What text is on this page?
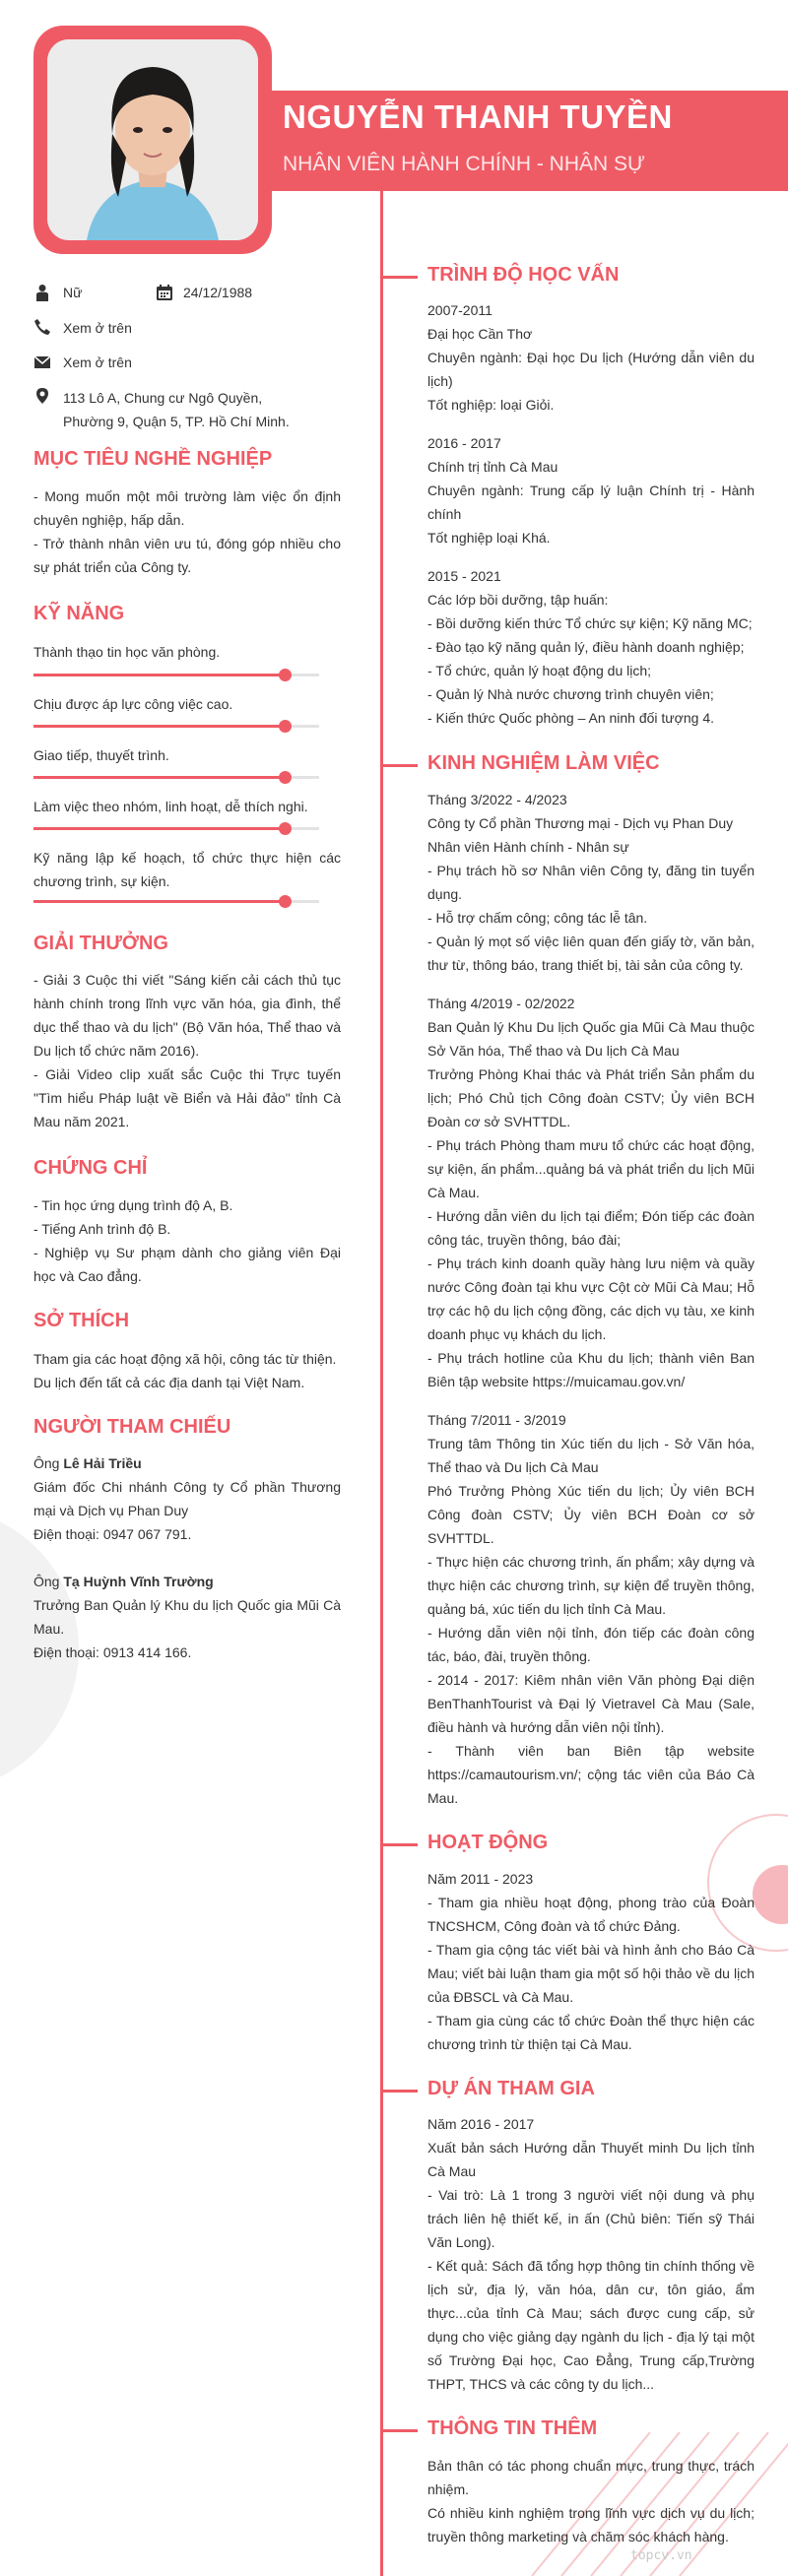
NGUYỄN THANH TUYỀN
NHÂN VIÊN HÀNH CHÍNH - NHÂN SỰ
Nữ	24/12/1988
Xem ở trên
Xem ở trên
113 Lô A, Chung cư Ngô Quyền,
Phường 9, Quận 5, TP. Hồ Chí Minh.
MỤC TIÊU NGHỀ NGHIỆP

- Mong muốn một môi trường làm việc ổn định chuyên nghiệp, hấp dẫn.

- Trở thành nhân viên ưu tú, đóng góp nhiều cho sự phát triển của Công ty.

KỸ NĂNG
Thành thạo tin học văn phòng.
Chịu được áp lực công việc cao.
Giao tiếp, thuyết trình.
Làm việc theo nhóm, linh hoạt, dễ thích nghi.
Kỹ năng lập kế hoạch, tổ chức thực hiện các chương trình, sự kiện.
GIẢI THƯỞNG

- Giải 3 Cuộc thi viết "Sáng kiến cải cách thủ tục hành chính trong lĩnh vực văn hóa, gia đình, thể dục thể thao và du lịch" (Bộ Văn hóa, Thể thao và Du lịch tổ chức năm 2016).

- Giải Video clip xuất sắc Cuộc thi Trực tuyến "Tìm hiểu Pháp luật về Biển và Hải đảo" tỉnh Cà Mau năm 2021.

CHỨNG CHỈ

- Tin học ứng dụng trình độ A, B.

- Tiếng Anh trình độ B.

- Nghiệp vụ Sư phạm dành cho giảng viên Đại học và Cao đẳng.

SỞ THÍCH

Tham gia các hoạt động xã hội, công tác từ thiện.

Du lịch đến tất cả các địa danh tại Việt Nam.

NGƯỜI THAM CHIẾU

Ông Lê Hải Triều

Giám đốc Chi nhánh Công ty Cổ phần Thương mại và Dịch vụ Phan Duy

Điện thoại: 0947 067 791.

Ông Tạ Huỳnh Vĩnh Trường

Trưởng Ban Quản lý Khu du lịch Quốc gia Mũi Cà Mau.

Điện thoại: 0913 414 166.

TRÌNH ĐỘ HỌC VẤN

2007-2011

Đại học Cần Thơ

Chuyên ngành: Đại học Du lịch (Hướng dẫn viên du lịch)

Tốt nghiệp: loại Giỏi.

2016 - 2017

Chính trị tỉnh Cà Mau

Chuyên ngành: Trung cấp lý luận Chính trị - Hành chính

Tốt nghiệp loại Khá.

2015 - 2021

Các lớp bồi dưỡng, tập huấn:

- Bồi dưỡng kiến thức Tổ chức sự kiện; Kỹ năng MC;

- Đào tạo kỹ năng quản lý, điều hành doanh nghiệp;

- Tổ chức, quản lý hoạt động du lịch;

- Quản lý Nhà nước chương trình chuyên viên;

- Kiến thức Quốc phòng – An ninh đối tượng 4.

KINH NGHIỆM LÀM VIỆC

Tháng 3/2022 - 4/2023

Công ty Cổ phần Thương mại - Dịch vụ Phan Duy

Nhân viên Hành chính - Nhân sự

- Phụ trách hồ sơ Nhân viên Công ty, đăng tin tuyển dụng.

- Hỗ trợ chấm công; công tác lễ tân.

- Quản lý mọt số việc liên quan đến giấy tờ, văn bản, thư từ, thông báo, trang thiết bị, tài sản của công ty.

Tháng 4/2019 - 02/2022

Ban Quản lý Khu Du lịch Quốc gia Mũi Cà Mau thuộc Sở Văn hóa, Thể thao và Du lịch Cà Mau

Trưởng Phòng Khai thác và Phát triển Sản phẩm du lịch; Phó Chủ tịch Công đoàn CSTV; Ủy viên BCH Đoàn cơ sở SVHTTDL.

- Phụ trách Phòng tham mưu tổ chức các hoạt động, sự kiện, ấn phẩm...quảng bá và phát triển du lịch Mũi Cà Mau.

- Hướng dẫn viên du lịch tại điểm; Đón tiếp các đoàn công tác, truyền thông, báo đài;

- Phụ trách kinh doanh quầy hàng lưu niệm và quầy nước Công đoàn tại khu vực Cột cờ Mũi Cà Mau; Hỗ trợ các hộ du lịch cộng đồng, các dịch vụ tàu, xe kinh doanh phục vụ khách du lịch.

- Phụ trách hotline của Khu du lịch; thành viên Ban Biên tập website https://muicamau.gov.vn/

Tháng 7/2011 - 3/2019

Trung tâm Thông tin Xúc tiến du lịch - Sở Văn hóa, Thể thao và Du lịch Cà Mau

Phó Trưởng Phòng Xúc tiến du lịch; Ủy viên BCH Công đoàn CSTV; Ủy viên BCH Đoàn cơ sở SVHTTDL.

- Thực hiện các chương trình, ấn phẩm; xây dựng và thực hiện các chương trình, sự kiện để truyền thông, quảng bá, xúc tiến du lịch tỉnh Cà Mau.

- Hướng dẫn viên nội tỉnh, đón tiếp các đoàn công tác, báo, đài, truyền thông.

- 2014 - 2017: Kiêm nhân viên Văn phòng Đại diện BenThanhTourist và Đại lý Vietravel Cà Mau (Sale, điều hành và hướng dẫn viên nội tỉnh).

- Thành viên ban Biên tập website https://camautourism.vn/; cộng tác viên của Báo Cà Mau.

HOẠT ĐỘNG

Năm 2011 - 2023

- Tham gia nhiều hoạt động, phong trào của Đoàn TNCSHCM, Công đoàn và tổ chức Đảng.

- Tham gia cộng tác viết bài và hình ảnh cho Báo Cà Mau; viết bài luận tham gia một số hội thảo về du lịch của ĐBSCL và Cà Mau.

- Tham gia cùng các tổ chức Đoàn thể thực hiện các chương trình từ thiện tại Cà Mau.

DỰ ÁN THAM GIA

Năm 2016 - 2017

Xuất bản sách Hướng dẫn Thuyết minh Du lịch tỉnh Cà Mau

- Vai trò: Là 1 trong 3 người viết nội dung và phụ trách liên hệ thiết kế, in ấn (Chủ biên: Tiến sỹ Thái Văn Long).

- Kết quả: Sách đã tổng hợp thông tin chính thống về lịch sử, địa lý, văn hóa, dân cư, tôn giáo, ẩm thực...của tỉnh Cà Mau; sách được cung cấp, sử dụng cho việc giảng dạy ngành du lịch - địa lý tại một số Trường Đại học, Cao Đẳng, Trung cấp,Trường THPT, THCS và các công ty du lịch...

THÔNG TIN THÊM

Bản thân có tác phong chuẩn mực, trung thực, trách nhiệm.

Có nhiều kinh nghiệm trong lĩnh vực dịch vụ du lịch; truyền thông marketing và chăm sóc khách hàng.

topcv.vn
